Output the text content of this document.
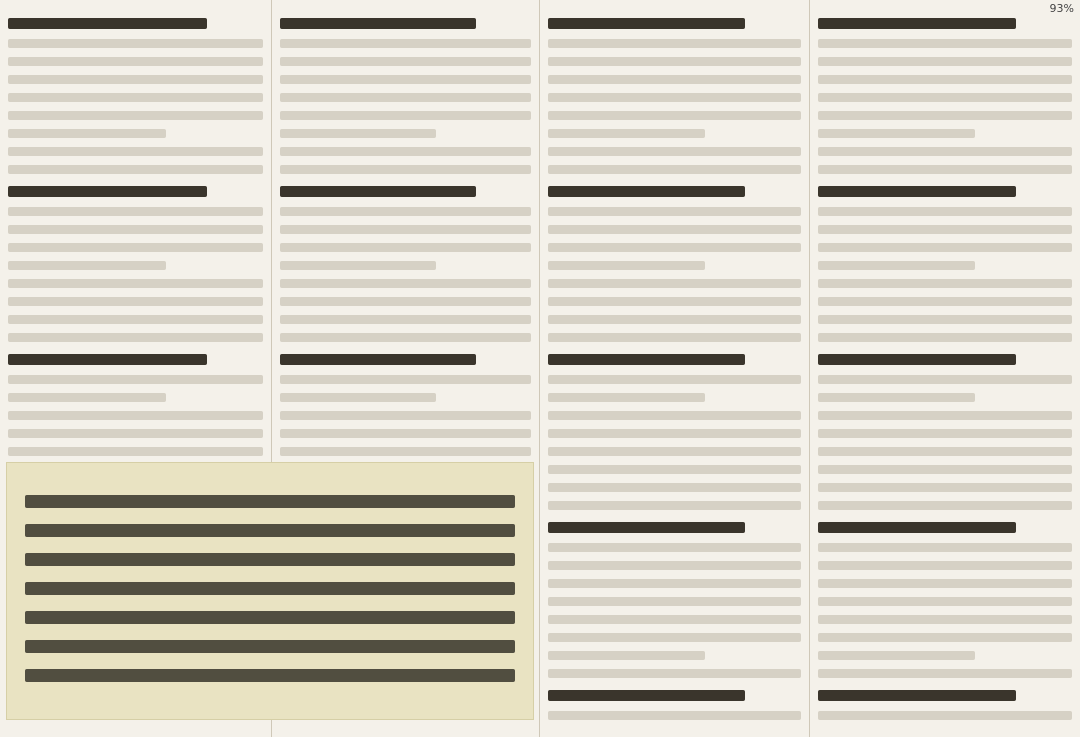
93%
